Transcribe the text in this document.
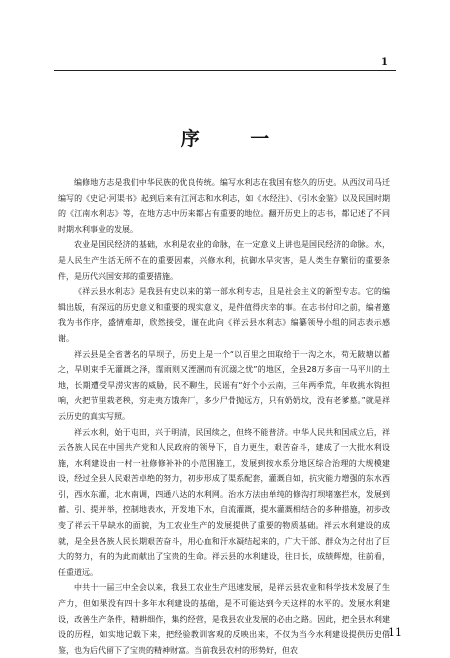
1
序 一

编修地方志是我们中华民族的优良传统。编写水利志在我国有悠久的历史。从西汉司马迁编写的《史记·河渠书》起到后来有江河志和水利志，如《水经注》、《引水金鉴》以及民国时期的《江南水利志》等，在地方志中历来都占有重要的地位。翻开历史上的志书，都记述了不同时期水利事业的发展。

农业是国民经济的基础，水利是农业的命脉，在一定意义上讲也是国民经济的命脉。水，是人民生产生活无所不在的重要因素，兴修水利，抗御水旱灾害，是人类生存繁衍的重要条件，是历代兴国安邦的重要措施。

《祥云县水利志》是我县有史以来的第一部水利专志，且是社会主义的新型专志。它的编辑出版，有深远的历史意义和重要的现实意义，是件值得庆幸的事。在志书付印之前，编者邀我为书作序，盛情难却，欣然接受，谨在此向《祥云县水利志》编纂领导小组的同志表示感谢。

祥云县是全省著名的旱坝子，历史上是一个“以百里之田取给于一沟之水，苟无陂塘以蓄之，旱则束手无灌溉之泽，霪雨则又湮溷而有沉溺之忧”的地区，全县28万多亩一马平川的土地，长期遭受旱涝灾害的威胁，民不聊生，民谣有“好个小云南，三年两季荒，年收挑水钩担响，火把节里栽老秧，穷走夷方饿奔厂，多少尸骨抛远方，只有奶奶坟，没有老爹墓。”就是祥云历史的真实写照。

祥云水利，始于屯田，兴于明清，民国续之，但终不能普济。中华人民共和国成立后，祥云各族人民在中国共产党和人民政府的领导下，自力更生，艰苦奋斗，建成了一大批水利设施，水利建设由一村一社修修补补的小范围施工，发展到按水系分地区综合治理的大规模建设，经过全县人民艰苦卓绝的努力，初步形成了渠系配套，灌溉自如，抗灾能力增强的东水西引，西水东灌，北水南调，四通八达的水利网。治水方法由单纯的修沟打坝堵塞拦水，发展到蓄、引、提并举，控制地表水，开发地下水，自流灌溉，提水灌溉相结合的多种措施，初步改变了祥云干旱缺水的面貌，为工农业生产的发展提供了重要的物质基础。祥云水利建设的成就，是全县各族人民长期艰苦奋斗，用心血和汗水凝结起来的，广大干部、群众为之付出了巨大的努力，有的为此而献出了宝贵的生命。祥云县的水利建设，往日长，成绩辉煌，往前看，任重道远。

中共十一届三中全会以来，我县工农业生产迅速发展，是祥云县农业和科学技术发展了生产力，但如果没有四十多年水利建设的基础，是不可能达到今天这样的水平的。发展水利建设，改善生产条件，精耕细作，集约经营，是我县农业发展的必由之路。因此，把全县水利建设的历程，如实地记载下来，把经验教训客观的反映出来，不仅为当今水利建设提供历史借鉴，也为后代留下了宝贵的精神财富。当前我县农村的形势好，但农

11
